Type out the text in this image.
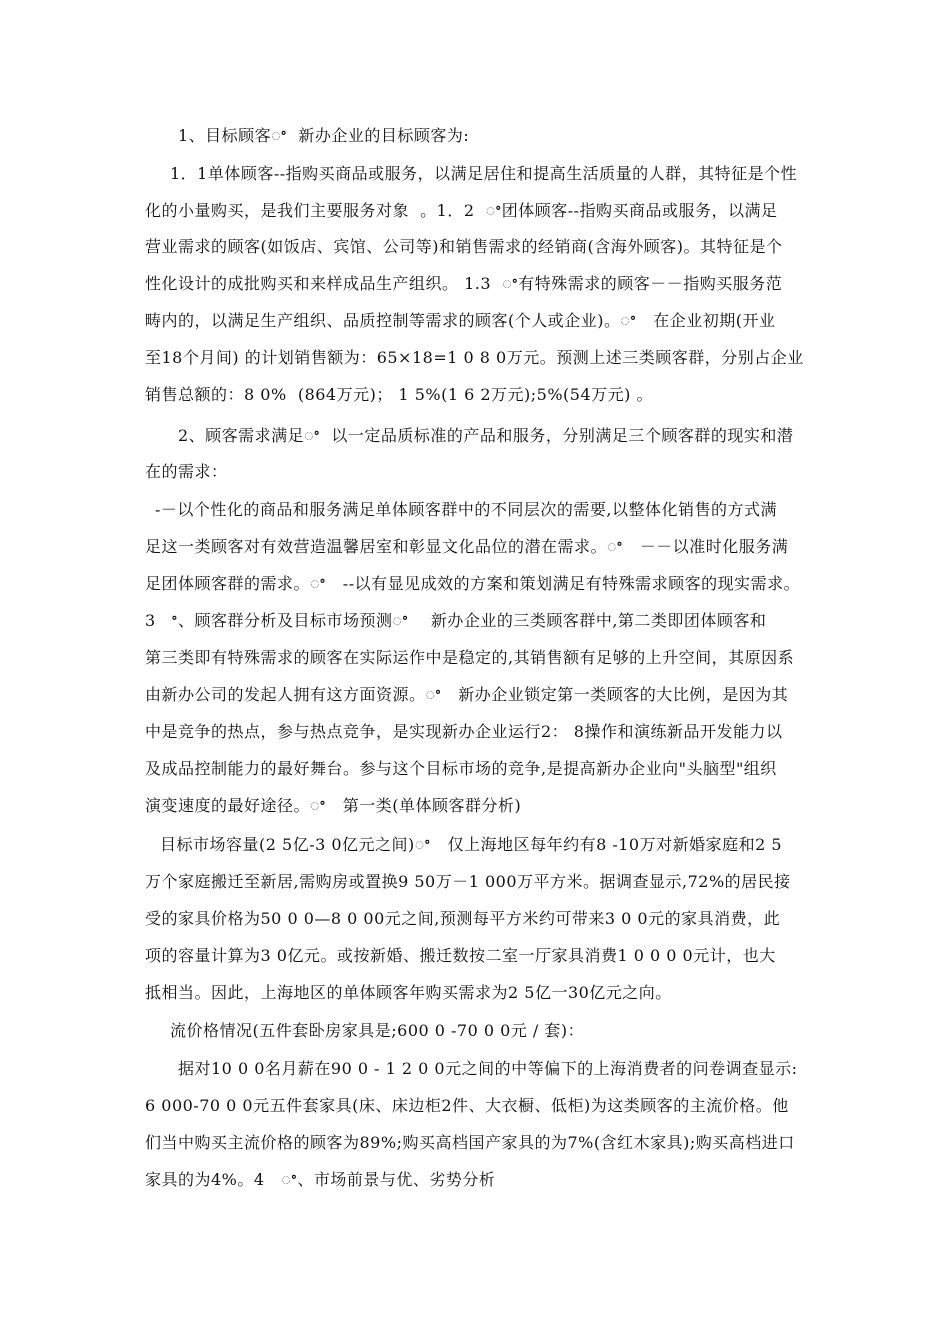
1、目标顾客ꢀ  新办企业的目标顾客为:
1．1单体顾客--指购买商品或服务，以满足居住和提高生活质量的人群，其特征是个性
化的小量购买，是我们主要服务对象  。1．2  ꢀ团体顾客--指购买商品或服务，以满足
营业需求的顾客(如饭店、宾馆、公司等)和销售需求的经销商(含海外顾客)。其特征是个
性化设计的成批购买和来样成品生产组织。 1.3  ꢀ有特殊需求的顾客－－指购买服务范
畴内的，以满足生产组织、品质控制等需求的顾客(个人或企业)。ꢀ   在企业初期(开业
至18个月间) 的计划销售额为：65×18=1 0 8 0万元。预测上述三类顾客群，分别占企业
销售总额的：8 0%  (864万元)； 1 5%(1 6 2万元);5%(54万元) 。
2、顾客需求满足ꢀ  以一定品质标准的产品和服务，分别满足三个顾客群的现实和潜
在的需求：
-－以个性化的商品和服务满足单体顾客群中的不同层次的需要,以整体化销售的方式满
足这一类顾客对有效营造温馨居室和彰显文化品位的潜在需求。ꢀ   －－以准时化服务满
足团体顾客群的需求。ꢀ   --以有显见成效的方案和策划满足有特殊需求顾客的现实需求。
3   ꢀ、顾客群分析及目标市场预测ꢀ    新办企业的三类顾客群中,第二类即团体顾客和
第三类即有特殊需求的顾客在实际运作中是稳定的,其销售额有足够的上升空间，其原因系
由新办公司的发起人拥有这方面资源。ꢀ   新办企业锁定第一类顾客的大比例，是因为其
中是竞争的热点，参与热点竞争，是实现新办企业运行2： 8操作和演练新品开发能力以
及成品控制能力的最好舞台。参与这个目标市场的竞争,是提高新办企业向"头脑型"组织
演变速度的最好途径。ꢀ   第一类(单体顾客群分析)
目标市场容量(2 5亿-3 0亿元之间)ꢀ   仅上海地区每年约有8 -10万对新婚家庭和2 5
万个家庭搬迁至新居,需购房或置换9 50万－1 000万平方米。据调查显示,72%的居民接
受的家具价格为50 0 0—8 0 00元之间,预测每平方米约可带来3 0 0元的家具消费，此
项的容量计算为3 0亿元。或按新婚、搬迁数按二室一厅家具消费1 0 0 0 0元计，也大
抵相当。因此，上海地区的单体顾客年购买需求为2 5亿一30亿元之向。
流价格情况(五件套卧房家具是;600 0 -70 0 0元 / 套)：
据对10 0 0名月薪在90 0 - 1 2 0 0元之间的中等偏下的上海消费者的问卷调查显示:
6 000-70 0 0元五件套家具(床、床边柜2件、大衣橱、低柜)为这类顾客的主流价格。他
们当中购买主流价格的顾客为89%;购买高档国产家具的为7%(含红木家具);购买高档进口
家具的为4%。4   ꢀ、市场前景与优、劣势分析
